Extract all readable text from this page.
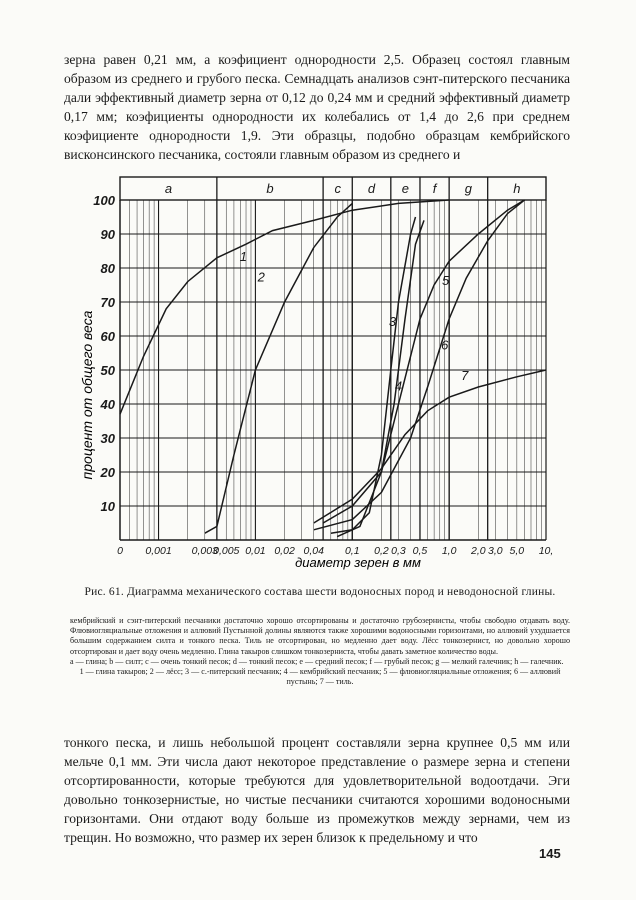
зерна равен 0,21 мм, а коэфициент однородности 2,5. Образец состоял главным образом из среднего и грубого песка. Семнадцать анализов сэнт-питерского песчаника дали эффективный диаметр зерна от 0,12 до 0,24 мм и средний эффективный диаметр 0,17 мм; коэфициенты однородности их колебались от 1,4 до 2,6 при среднем коэфициенте однородности 1,9. Эти образцы, подобно образцам кембрийского висконсинского песчаника, состояли главным образом из среднего и

a	b	c d e f g	h
1
2
3
4
5
6
7
10
20
30
40
50
60
70
80
90
100
0 0,001 0,003
0,005 0,01 0,02 0,04 0,1 0,2 0,3 0,5 1,0 2,0 3,0 5,0 10,
диаметр зерен в мм
процент от общего веса
Рис. 61. Диаграмма механического состава шести водоносных пород и неводоносной глины.

кембрийский и сэнт-питерский песчаники достаточно хорошо отсортированы и достаточно грубозернисты, чтобы свободно отдавать воду. Флювиогляциальные отложения и аллювий Пустынной долины являются также хорошими водоносными горизонтами, но аллювий ухудшается большим содержанием силта и тонкого песка. Тиль не отсортирован, но медленно дает воду. Лёсс тонкозернист, но довольно хорошо отсортирован и дает воду очень медленно. Глина такыров слишком тонкозерниста, чтобы давать заметное количество воды.

a — глина; b — силт; c — очень тонкий песок; d — тонкий песок; e — средний песок; f — грубый песок; g — мелкий галечник; h — галечник.

1 — глина такыров; 2 — лёсс; 3 — с.-питерский песчаник; 4 — кембрийский песчаник; 5 — флювиогляциальные отложения; 6 — аллювий пустынь; 7 — тиль.

тонкого песка, и лишь небольшой процент составляли зерна крупнее 0,5 мм или мельче 0,1 мм. Эти числа дают некоторое представление о размере зерна и степени отсортированности, которые требуются для удовлетворительной водоотдачи. Эги довольно тонкозернистые, но чистые песчаники считаются хорошими водоносными горизонтами. Они отдают воду больше из промежутков между зернами, чем из трещин. Но возможно, что размер их зерен близок к предельному и что

145
